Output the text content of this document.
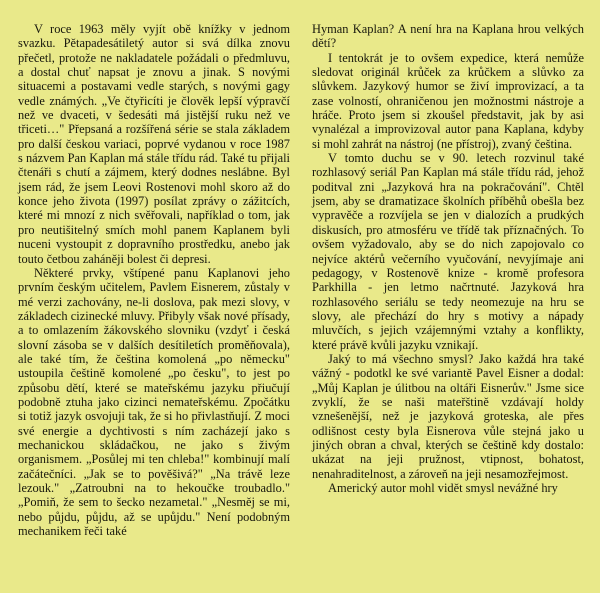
V roce 1963 měly vyjít obě knížky v jednom svazku. Pětapadesátiletý autor si svá dílka znovu přečetl, protože ne nakladatele požádali o předmluvu, a dostal chuť napsat je znovu a jinak. S novými situacemi a postavami vedle starých, s novými gagy vedle známých. „Ve čtyřicíti je člověk lepší výpravčí než ve dvaceti, v šedesáti má jistější ruku než ve třiceti…" Přepsaná a rozšířená série se stala základem pro další českou variaci, poprvé vydanou v roce 1987 s názvem Pan Kaplan má stále třídu rád. Také tu přijali čtenáři s chutí a zájmem, který dodnes neslábne. Byl jsem rád, že jsem Leovi Rostenovi mohl skoro až do konce jeho života (1997) posílat zprávy o zážitcích, které mi mnozí z nich svěřovali, například o tom, jak pro neutišitelný smích mohl panem Kaplanem byli nuceni vystoupit z dopravního prostředku, anebo jak touto četbou zaháněji bolest či depresi.

Některé prvky, vštípené panu Kaplanovi jeho prvním českým učitelem, Pavlem Eisnerem, zůstaly v mé verzi zachovány, ne-li doslova, pak mezi slovy, v základech cizinecké mluvy. Přibyly však nové přísady, a to omlazením žákovského slovniku (vzdyť i česká slovní zásoba se v dalších desítiletích proměňovala), ale také tím, že čeština komolená „po německu" ustoupila češtině komolené „po česku", to jest po způsobu dětí, které se mateřskému jazyku přiučují podobně ztuha jako cizinci nemateřskému. Zpočátku si totiž jazyk osvojuji tak, že si ho přivlastňují. Z moci své energie a dychtivosti s ním zacházejí jako s mechanickou skládačkou, ne jako s živým organismem. „Posůlej mi ten chleba!" kombinují malí začátečníci. „Jak se to pověšivá?" „Na trávě leze lezouk." „Zatroubni na to hekoučke troubadlo." „Pomiň, že sem to šecko nezametal." „Nesměj se mi, nebo půjdu, půjdu, až se upůjdu." Není podobným mechanikem řeči také

Hyman Kaplan? A není hra na Kaplana hrou velkých dětí?

I tentokrát je to ovšem expedice, která nemůže sledovat originál krůček za krůčkem a slůvko za slůvkem. Jazykový humor se živí improvizací, a ta zase volností, ohraničenou jen možnostmi nástroje a hráče. Proto jsem si zkoušel představit, jak by asi vynalézal a improvizoval autor pana Kaplana, kdyby si mohl zahrát na nástroj (ne přístroj), zvaný čeština.

V tomto duchu se v 90. letech rozvinul také rozhlasový seriál Pan Kaplan má stále třídu rád, jehož poditval zni „Jazyková hra na pokračování". Chtěl jsem, aby se dramatizace školních příběhů obešla bez vypravěče a rozvíjela se jen v dialozích a prudkých diskusích, pro atmosféru ve třídě tak příznačných. To ovšem vyžadovalo, aby se do nich zapojovalo co nejvíce aktérů večerního vyučování, nevyjímaje ani pedagogy, v Rostenově knize - kromě profesora Parkhilla - jen letmo načrtnuté. Jazyková hra rozhlasového seriálu se tedy neomezuje na hru se slovy, ale přechází do hry s motivy a nápady mluvčích, s jejich vzájemnými vztahy a konflikty, které právě kvůli jazyku vznikají.

Jaký to má všechno smysl? Jako každá hra také vážný - podotkl ke své variantě Pavel Eisner a dodal: „Můj Kaplan je úlitbou na oltáři Eisnerův." Jsme sice zvyklí, že se naši mateřštině vzdávají holdy vznešenější, než je jazyková groteska, ale přes odlišnost cesty byla Eisnerova vůle stejná jako u jiných obran a chval, kterých se češtině kdy dostalo: ukázat na jeji pružnost, vtipnost, bohatost, nenahraditelnost, a zároveň na jeji nesamozřejmost.

Americký autor mohl vidět smysl nevážné hry
